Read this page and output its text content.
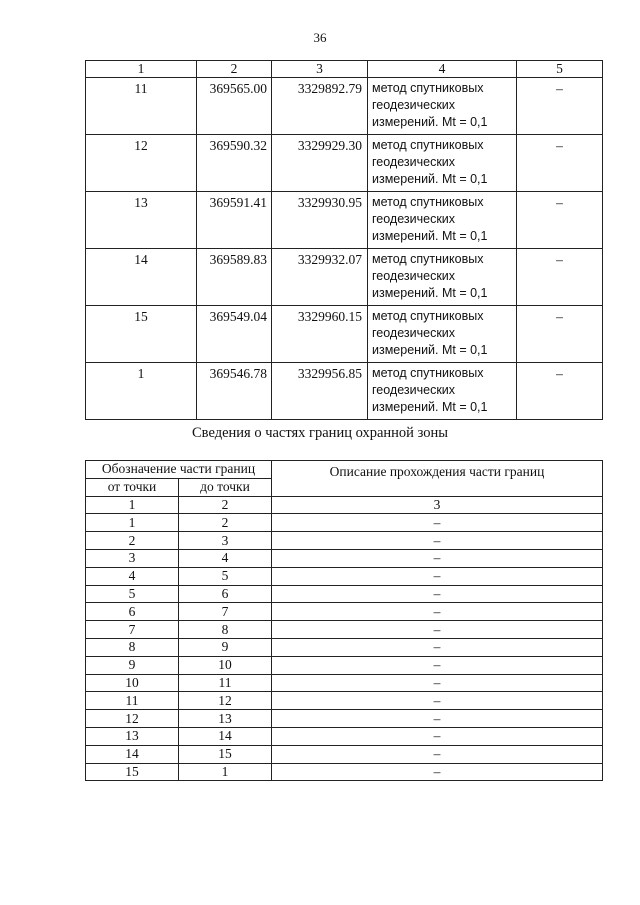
36
1	2	3	4	5
11	369565.00	3329892.79	метод спутниковых
геодезических
измерений. Mt = 0,1	–
12	369590.32	3329929.30	метод спутниковых
геодезических
измерений. Mt = 0,1	–
13	369591.41	3329930.95	метод спутниковых
геодезических
измерений. Mt = 0,1	–
14	369589.83	3329932.07	метод спутниковых
геодезических
измерений. Mt = 0,1	–
15	369549.04	3329960.15	метод спутниковых
геодезических
измерений. Mt = 0,1	–
1	369546.78	3329956.85	метод спутниковых
геодезических
измерений. Mt = 0,1	–
Сведения о частях границ охранной зоны
Обозначение части границ		Описание прохождения части границ
от точки	до точки	
1	2	3
1	2	–
2	3	–
3	4	–
4	5	–
5	6	–
6	7	–
7	8	–
8	9	–
9	10	–
10	11	–
11	12	–
12	13	–
13	14	–
14	15	–
15	1	–
